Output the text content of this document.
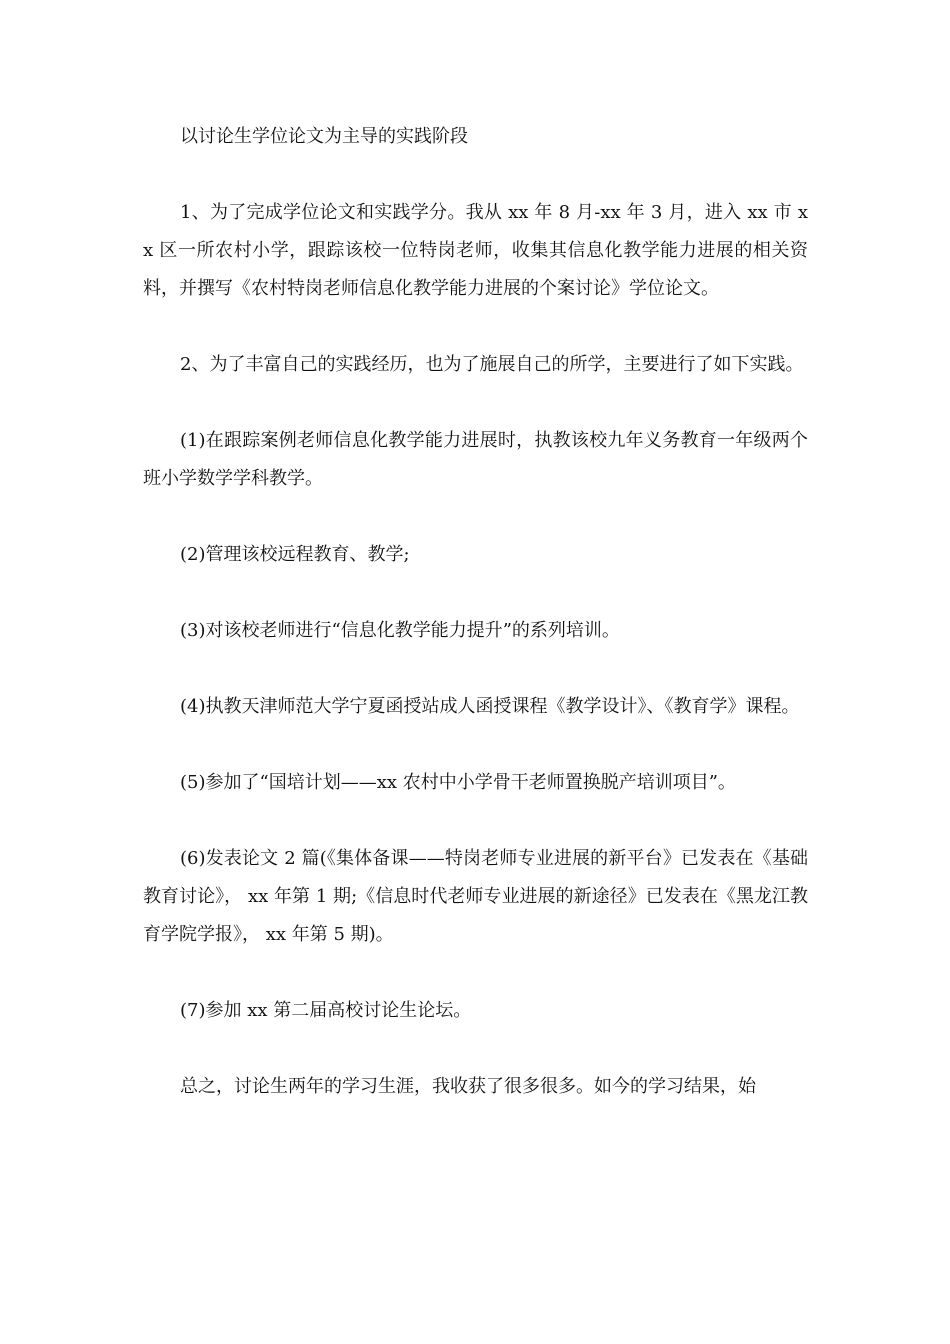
以讨论生学位论文为主导的实践阶段

1、为了完成学位论文和实践学分。我从 xx 年 8 月-xx 年 3 月，进入 xx 市 xx 区一所农村小学，跟踪该校一位特岗老师，收集其信息化教学能力进展的相关资料，并撰写《农村特岗老师信息化教学能力进展的个案讨论》学位论文。

2、为了丰富自己的实践经历，也为了施展自己的所学，主要进行了如下实践。

(1)在跟踪案例老师信息化教学能力进展时，执教该校九年义务教育一年级两个班小学数学学科教学。

(2)管理该校远程教育、教学;

(3)对该校老师进行“信息化教学能力提升”的系列培训。

(4)执教天津师范大学宁夏函授站成人函授课程《教学设计》、《教育学》课程。

(5)参加了“国培计划——xx 农村中小学骨干老师置换脱产培训项目”。

(6)发表论文 2 篇(《集体备课——特岗老师专业进展的新平台》已发表在《基础教育讨论》， xx 年第 1 期;《信息时代老师专业进展的新途径》已发表在《黑龙江教育学院学报》， xx 年第 5 期)。

(7)参加 xx 第二届高校讨论生论坛。

总之，讨论生两年的学习生涯，我收获了很多很多。如今的学习结果，始
